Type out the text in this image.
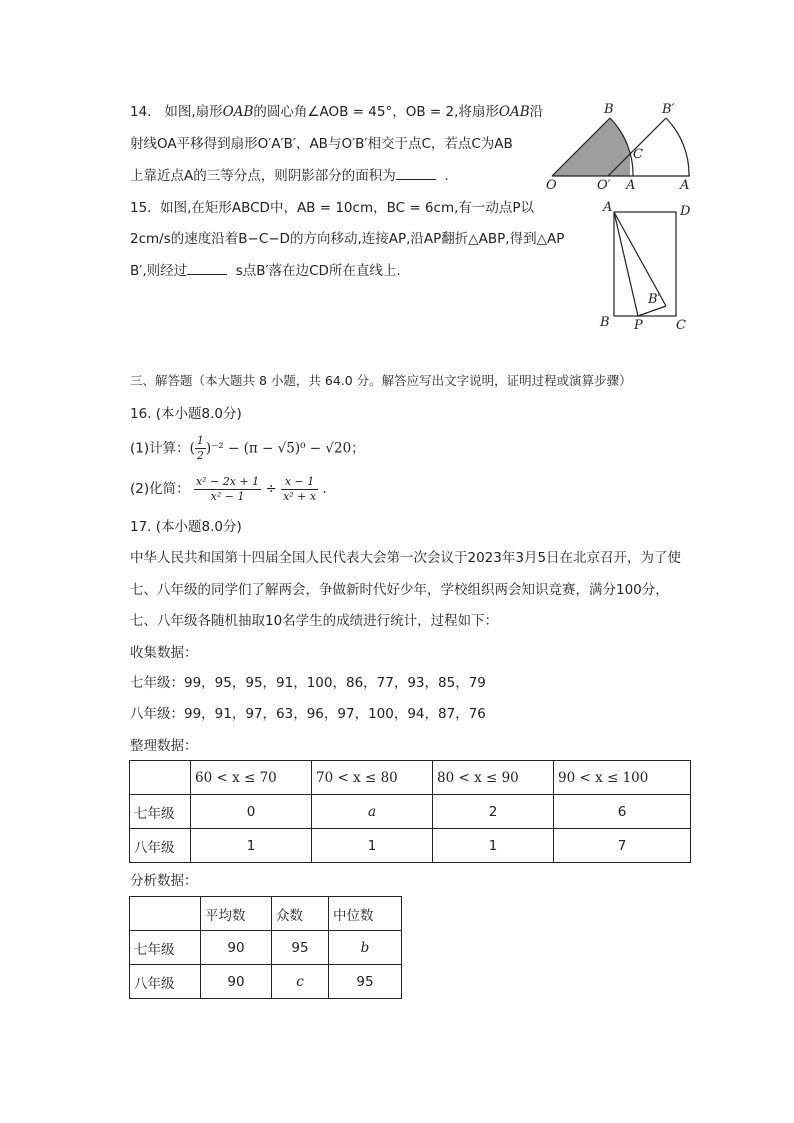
14. 如图,扇形OAB的圆心角∠AOB = 45°，OB = 2,将扇形OAB沿
射线OA平移得到扇形O′A′B′，AB与O′B′相交于点C，若点C为AB
上靠近点A的三等分点，则阴影部分的面积为	.
B	B′
C
O	O′ A	A
15. 如图,在矩形ABCD中，AB = 10cm，BC = 6cm,有一动点P以
2cm/s的速度沿着B−C−D的方向移动,连接AP,沿AP翻折△ABP,得到△AP
B′,则经过	s点B′落在边CD所在直线上.
A	D
B′
B P	C
三、解答题（本大题共 8 小题，共 64.0 分。解答应写出文字说明，证明过程或演算步骤）
16. (本小题8.0分)
(1)计算：( $\frac{1}{2} )^{-2} - (\pi - √5)^0 - √20$；
(2)化简： $\frac{\text{x² − 2x + 1}}{\text{x² − 1}} \div \frac{x - 1}{\text{x² + x}}$ .
17. (本小题8.0分)
中华人民共和国第十四届全国人民代表大会第一次会议于2023年3月5日在北京召开，为了使
七、八年级的同学们了解两会，争做新时代好少年，学校组织两会知识竞赛，满分100分，
七、八年级各随机抽取10名学生的成绩进行统计，过程如下：
收集数据：
七年级：99，95，95，91，100，86，77，93，85，79
八年级：99，91，97，63，96，97，100，94，87，76
整理数据：
	60 < x ≤ 70	70 < x ≤ 80	80 < x ≤ 90	90 < x ≤ 100
七年级	0	a	2	6
八年级	1	1	1	7
分析数据：
	平均数	众数	中位数
七年级	90	95	b
八年级	90	c	95
